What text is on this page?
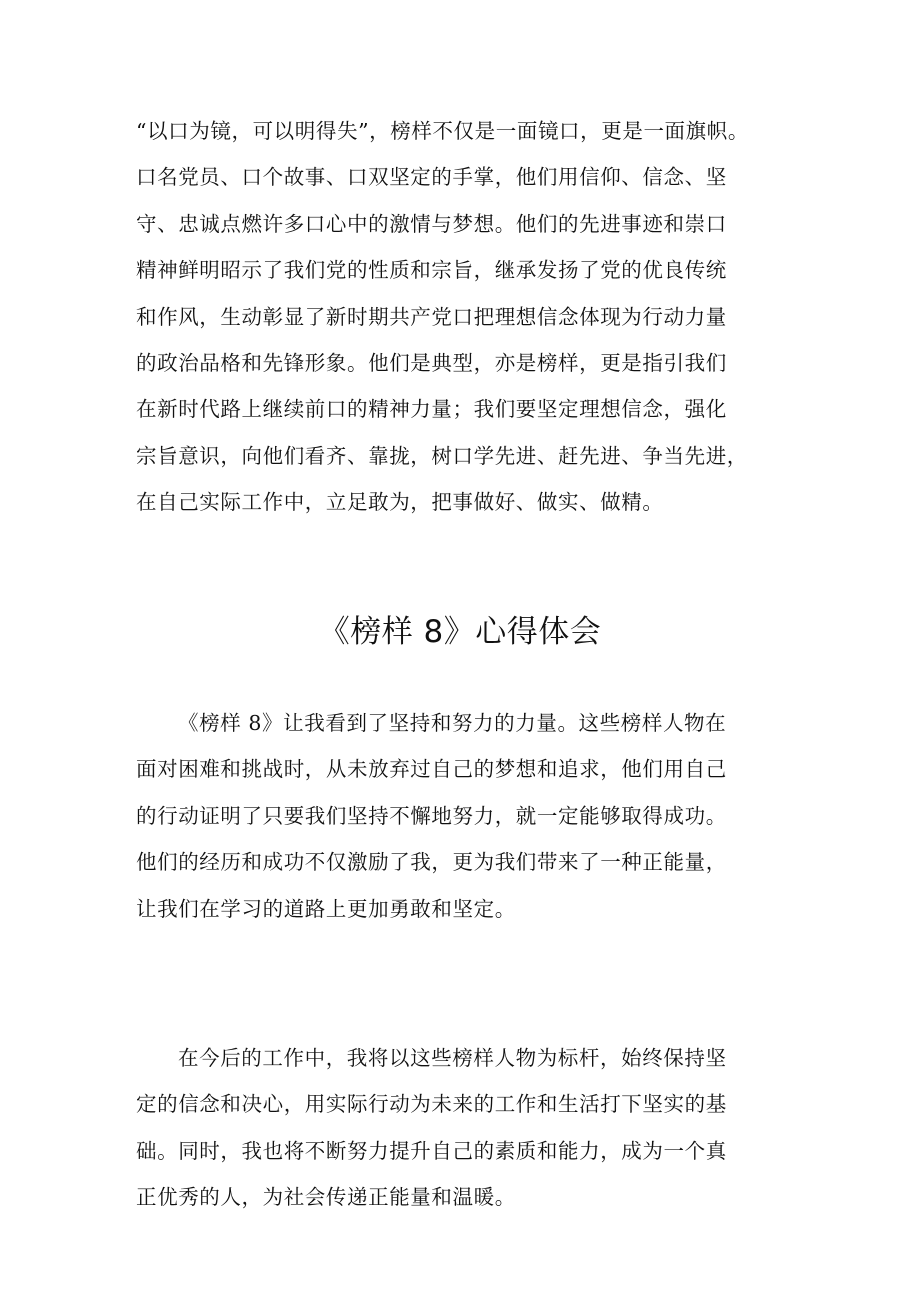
“以口为镜，可以明得失”，榜样不仅是一面镜口，更是一面旗帜。
口名党员、口个故事、口双坚定的手掌，他们用信仰、信念、坚
守、忠诚点燃许多口心中的激情与梦想。他们的先进事迹和崇口
精神鲜明昭示了我们党的性质和宗旨，继承发扬了党的优良传统
和作风，生动彰显了新时期共产党口把理想信念体现为行动力量
的政治品格和先锋形象。他们是典型，亦是榜样，更是指引我们
在新时代路上继续前口的精神力量；我们要坚定理想信念，强化
宗旨意识，向他们看齐、靠拢，树口学先进、赶先进、争当先进，
在自己实际工作中，立足敢为，把事做好、做实、做精。
《榜样 8》心得体会
《榜样 8》让我看到了坚持和努力的力量。这些榜样人物在
面对困难和挑战时，从未放弃过自己的梦想和追求，他们用自己
的行动证明了只要我们坚持不懈地努力，就一定能够取得成功。
他们的经历和成功不仅激励了我，更为我们带来了一种正能量，
让我们在学习的道路上更加勇敢和坚定。
在今后的工作中，我将以这些榜样人物为标杆，始终保持坚
定的信念和决心，用实际行动为未来的工作和生活打下坚实的基
础。同时，我也将不断努力提升自己的素质和能力，成为一个真
正优秀的人，为社会传递正能量和温暖。
